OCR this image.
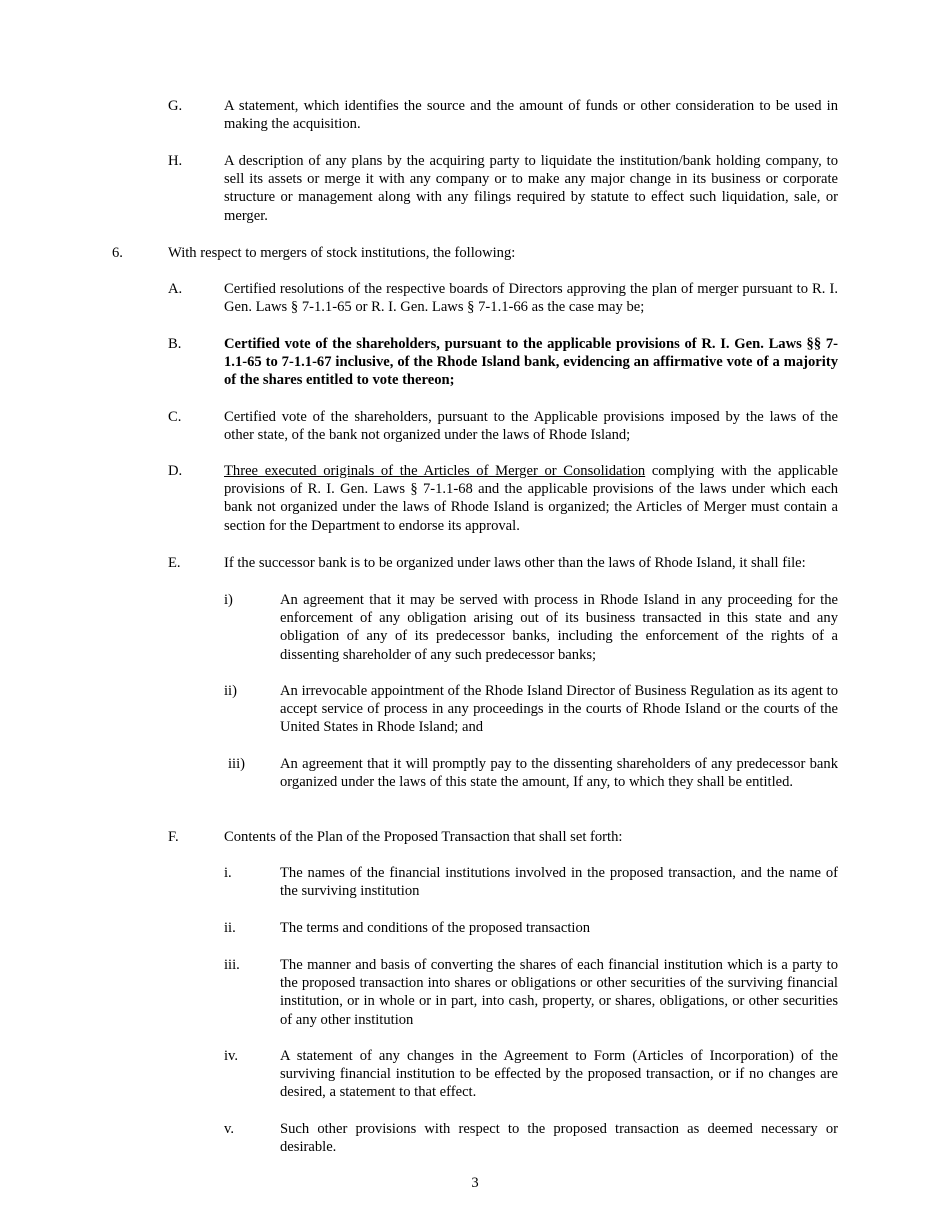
G.	A statement, which identifies the source and the amount of funds or other consideration to be used in making the acquisition.
H.	A description of any plans by the acquiring party to liquidate the institution/bank holding company, to sell its assets or merge it with any company or to make any major change in its business or corporate structure or management along with any filings required by statute to effect such liquidation, sale, or merger.
6.	With respect to mergers of stock institutions, the following:
A.	Certified resolutions of the respective boards of Directors approving the plan of merger pursuant to R. I. Gen. Laws § 7-1.1-65 or R. I. Gen. Laws § 7-1.1-66 as the case may be;
B.	Certified vote of the shareholders, pursuant to the applicable provisions of R. I. Gen. Laws §§ 7-1.1-65 to 7-1.1-67 inclusive, of the Rhode Island bank, evidencing an affirmative vote of a majority of the shares entitled to vote thereon;
C.	Certified vote of the shareholders, pursuant to the Applicable provisions imposed by the laws of the other state, of the bank not organized under the laws of Rhode Island;
D.	Three executed originals of the Articles of Merger or Consolidation complying with the applicable provisions of R. I. Gen. Laws § 7-1.1-68 and the applicable provisions of the laws under which each bank not organized under the laws of Rhode Island is organized; the Articles of Merger must contain a section for the Department to endorse its approval.
E.	If the successor bank is to be organized under laws other than the laws of Rhode Island, it shall file:
i)	An agreement that it may be served with process in Rhode Island in any proceeding for the enforcement of any obligation arising out of its business transacted in this state and any obligation of any of its predecessor banks, including the enforcement of the rights of a dissenting shareholder of any such predecessor banks;
ii)	An irrevocable appointment of the Rhode Island Director of Business Regulation as its agent to accept service of process in any proceedings in the courts of Rhode Island or the courts of the United States in Rhode Island; and
iii) An agreement that it will promptly pay to the dissenting shareholders of any predecessor bank organized under the laws of this state the amount, If any, to which they shall be entitled.
F.	Contents of the Plan of the Proposed Transaction that shall set forth:
i.	The names of the financial institutions involved in the proposed transaction, and the name of the surviving institution
ii.	The terms and conditions of the proposed transaction
iii.	The manner and basis of converting the shares of each financial institution which is a party to the proposed transaction into shares or obligations or other securities of the surviving financial institution, or in whole or in part, into cash, property, or shares, obligations, or other securities of any other institution
iv.	A statement of any changes in the Agreement to Form (Articles of Incorporation) of the surviving financial institution to be effected by the proposed transaction, or if no changes are desired, a statement to that effect.
v.	Such other provisions with respect to the proposed transaction as deemed necessary or desirable.
3
